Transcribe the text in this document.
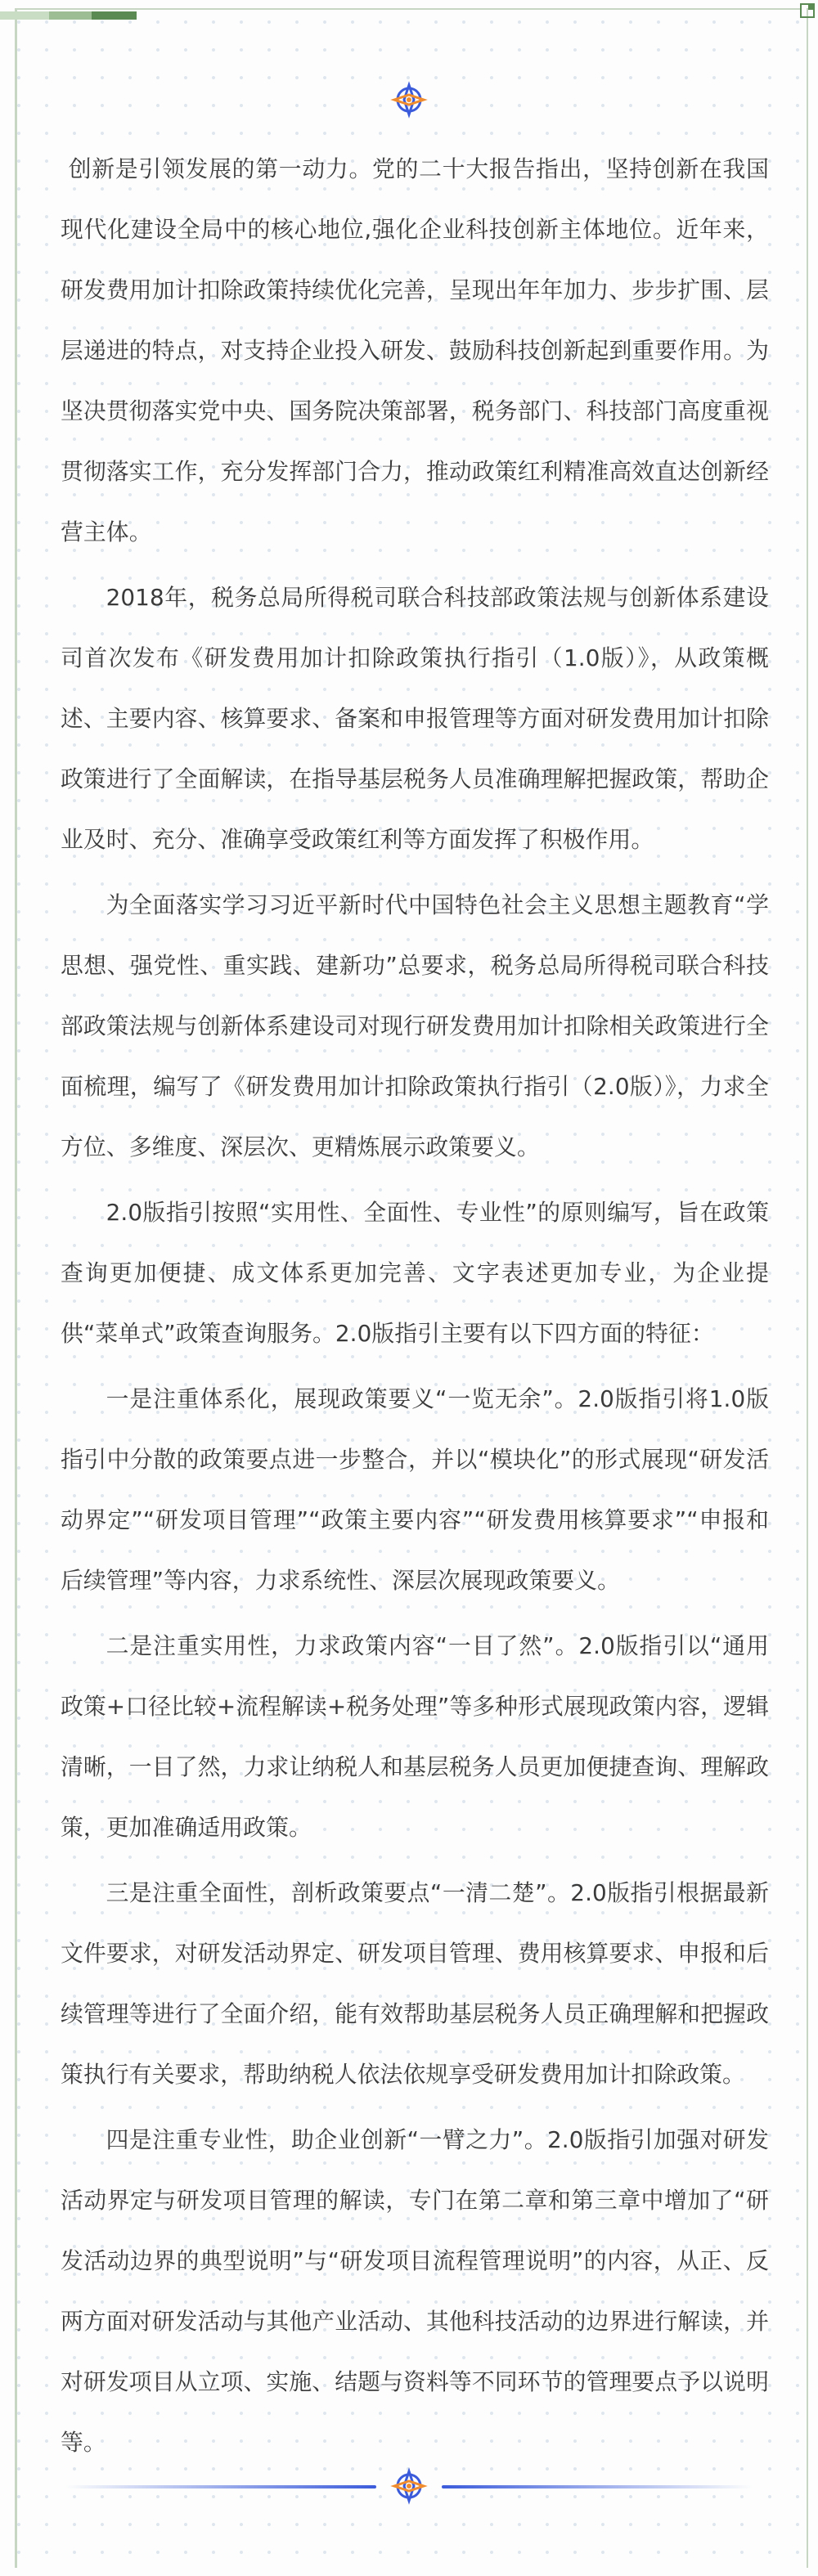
创新是引领发展的第一动力。党的二十大报告指出，坚持创新在我国现代化建设全局中的核心地位,强化企业科技创新主体地位。近年来，研发费用加计扣除政策持续优化完善，呈现出年年加力、步步扩围、层层递进的特点，对支持企业投入研发、鼓励科技创新起到重要作用。为坚决贯彻落实党中央、国务院决策部署，税务部门、科技部门高度重视贯彻落实工作，充分发挥部门合力，推动政策红利精准高效直达创新经营主体。

2018年，税务总局所得税司联合科技部政策法规与创新体系建设司首次发布《研发费用加计扣除政策执行指引（1.0版）》，从政策概述、主要内容、核算要求、备案和申报管理等方面对研发费用加计扣除政策进行了全面解读，在指导基层税务人员准确理解把握政策，帮助企业及时、充分、准确享受政策红利等方面发挥了积极作用。

为全面落实学习习近平新时代中国特色社会主义思想主题教育“学思想、强党性、重实践、建新功”总要求，税务总局所得税司联合科技部政策法规与创新体系建设司对现行研发费用加计扣除相关政策进行全面梳理，编写了《研发费用加计扣除政策执行指引（2.0版）》，力求全方位、多维度、深层次、更精炼展示政策要义。

2.0版指引按照“实用性、全面性、专业性”的原则编写，旨在政策查询更加便捷、成文体系更加完善、文字表述更加专业，为企业提供“菜单式”政策查询服务。2.0版指引主要有以下四方面的特征：

一是注重体系化，展现政策要义“一览无余”。2.0版指引将1.0版指引中分散的政策要点进一步整合，并以“模块化”的形式展现“研发活动界定”“研发项目管理”“政策主要内容”“研发费用核算要求”“申报和后续管理”等内容，力求系统性、深层次展现政策要义。

二是注重实用性，力求政策内容“一目了然”。2.0版指引以“通用政策+口径比较+流程解读+税务处理”等多种形式展现政策内容，逻辑清晰，一目了然，力求让纳税人和基层税务人员更加便捷查询、理解政策，更加准确适用政策。

三是注重全面性，剖析政策要点“一清二楚”。2.0版指引根据最新文件要求，对研发活动界定、研发项目管理、费用核算要求、申报和后续管理等进行了全面介绍，能有效帮助基层税务人员正确理解和把握政策执行有关要求，帮助纳税人依法依规享受研发费用加计扣除政策。

四是注重专业性，助企业创新“一臂之力”。2.0版指引加强对研发活动界定与研发项目管理的解读，专门在第二章和第三章中增加了“研发活动边界的典型说明”与“研发项目流程管理说明”的内容，从正、反两方面对研发活动与其他产业活动、其他科技活动的边界进行解读，并对研发项目从立项、实施、结题与资料等不同环节的管理要点予以说明等。
